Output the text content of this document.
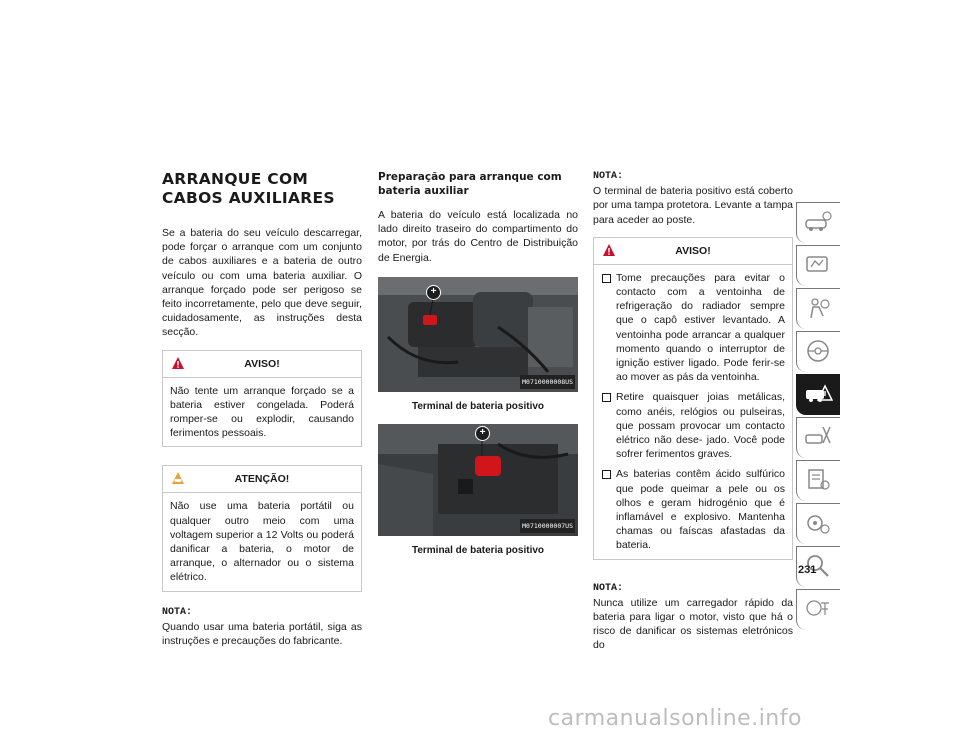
ARRANQUE COM CABOS AUXILIARES

Se a bateria do seu veículo descarregar, pode forçar o arranque com um conjunto de cabos auxiliares e a bateria de outro veículo ou com uma bateria auxiliar. O arranque forçado pode ser perigoso se feito incorretamente, pelo que deve seguir, cuidadosamente, as instruções desta secção.

AVISO!
Não tente um arranque forçado se a bateria estiver congelada. Poderá romper-se ou explodir, causando ferimentos pessoais.
ATENÇÃO!
Não use uma bateria portátil ou qualquer outro meio com uma voltagem superior a 12 Volts ou poderá danificar a bateria, o motor de arranque, o alternador ou o sistema elétrico.
NOTA:

Quando usar uma bateria portátil, siga as instruções e precauções do fabricante.

Preparação para arranque com bateria auxiliar

A bateria do veículo está localizada no lado direito traseiro do compartimento do motor, por trás do Centro de Distribuição de Energia.

+
M0710000008US
Terminal de bateria positivo
+
M0710000007US
Terminal de bateria positivo
NOTA:

O terminal de bateria positivo está coberto por uma tampa protetora. Levante a tampa para aceder ao poste.

AVISO!
Tome precauções para evitar o contacto com a ventoinha de refrigeração do radiador sempre que o capô estiver levantado. A ventoinha pode arrancar a qualquer momento quando o interruptor de ignição estiver ligado. Pode ferir-se ao mover as pás da ventoinha.
Retire quaisquer joias metálicas, como anéis, relógios ou pulseiras, que possam provocar um contacto elétrico não dese- jado. Você pode sofrer ferimentos graves.
As baterias contêm ácido sulfúrico que pode queimar a pele ou os olhos e geram hidrogénio que é inflamável e explosivo. Mantenha chamas ou faíscas afastadas da bateria.
NOTA:

Nunca utilize um carregador rápido da bateria para ligar o motor, visto que há o risco de danificar os sistemas eletrónicos do

231
carmanualsonline.info
